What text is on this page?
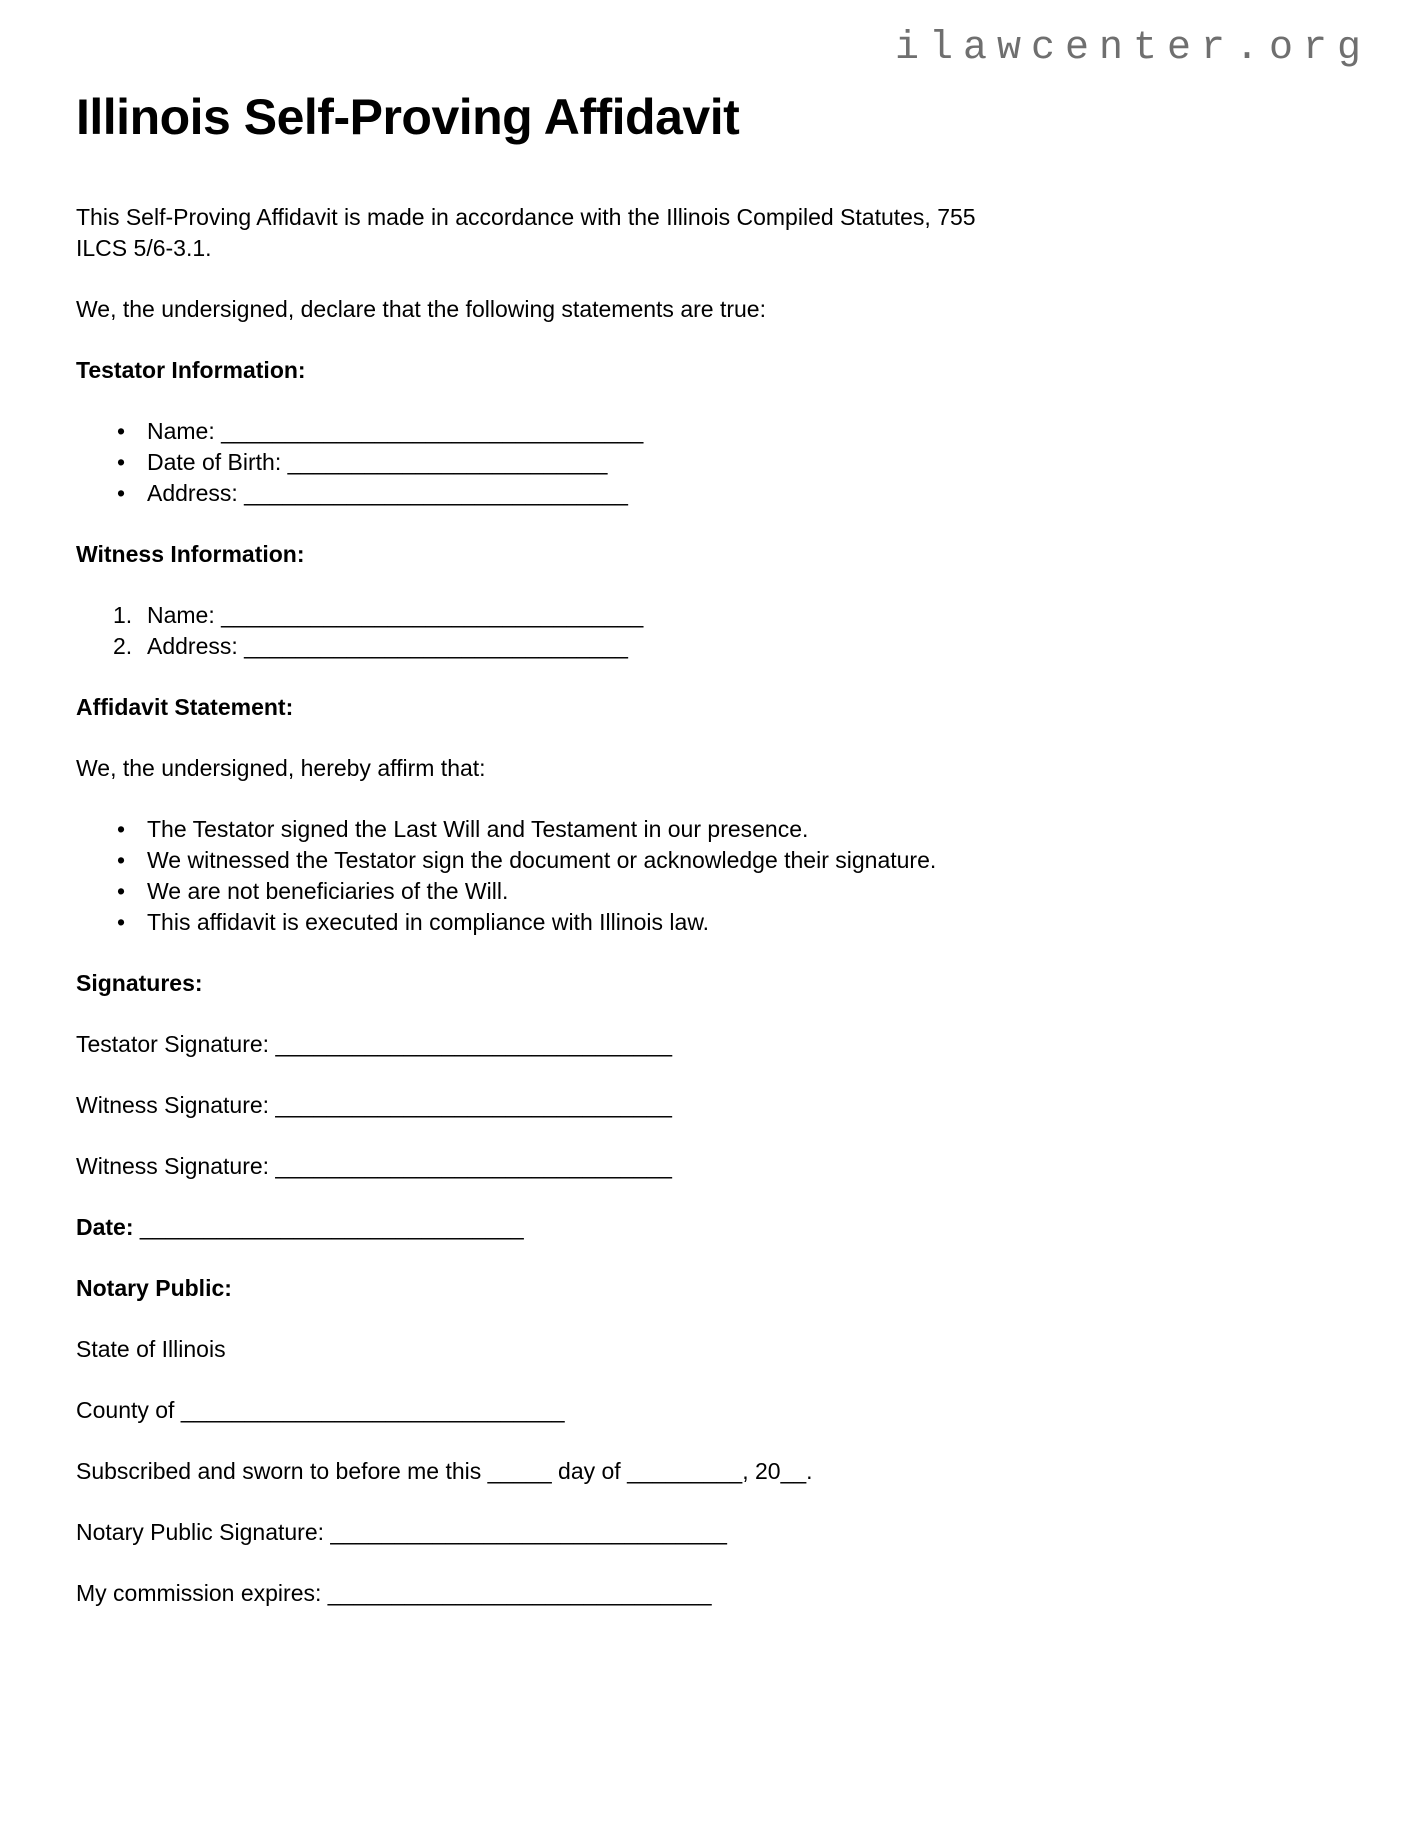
ilawcenter.org
Illinois Self-Proving Affidavit

This Self-Proving Affidavit is made in accordance with the Illinois Compiled Statutes, 755
ILCS 5/6-3.1.

We, the undersigned, declare that the following statements are true:

Testator Information:

• Name: _________________________________
• Date of Birth: _________________________
• Address: ______________________________

Witness Information:

1. Name: _________________________________
2. Address: ______________________________

Affidavit Statement:

We, the undersigned, hereby affirm that:

• The Testator signed the Last Will and Testament in our presence.
• We witnessed the Testator sign the document or acknowledge their signature.
• We are not beneficiaries of the Will.
• This affidavit is executed in compliance with Illinois law.

Signatures:

Testator Signature: _______________________________

Witness Signature: _______________________________

Witness Signature: _______________________________

Date: ______________________________

Notary Public:

State of Illinois

County of ______________________________

Subscribed and sworn to before me this _____ day of _________, 20__.

Notary Public Signature: _______________________________

My commission expires: ______________________________
